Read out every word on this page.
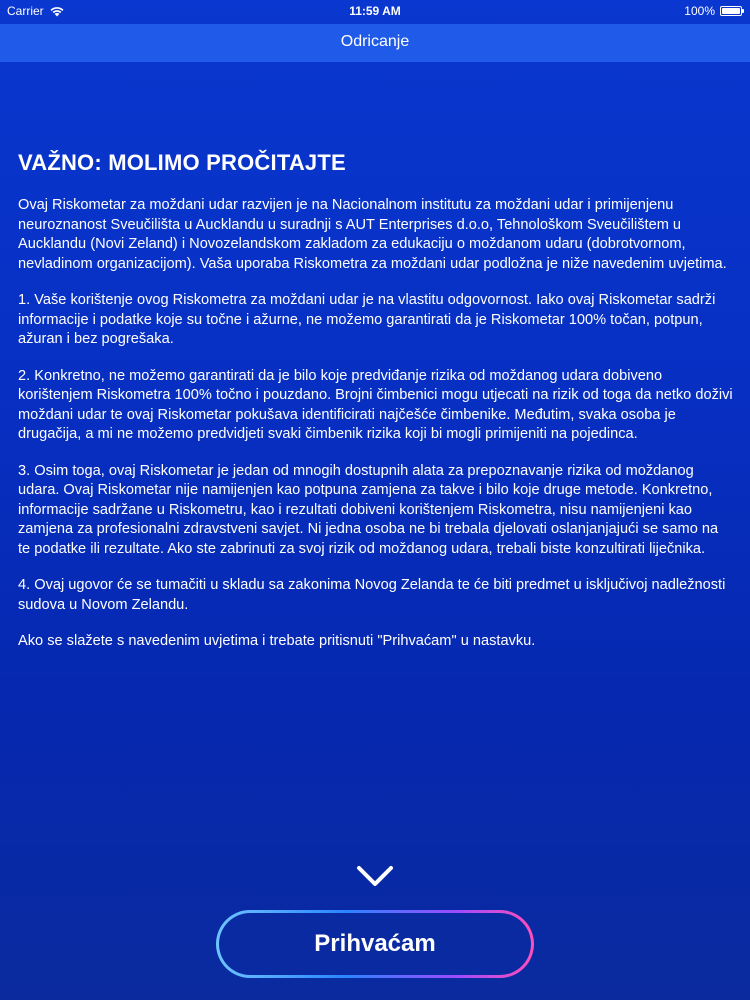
Carrier	11:59 AM	100%
Odricanje
VAŽNO: MOLIMO PROČITAJTE

Ovaj Riskometar za moždani udar razvijen je na Nacionalnom institutu za moždani udar i primijenjenu neuroznanost Sveučilišta u Aucklandu u suradnji s AUT Enterprises d.o.o, Tehnološkom Sveučilištem u Aucklandu (Novi Zeland) i Novozelandskom zakladom za edukaciju o moždanom udaru (dobrotvornom, nevladinom organizacijom). Vaša uporaba Riskometra za moždani udar podložna je niže navedenim uvjetima.

1. Vaše korištenje ovog Riskometra za moždani udar je na vlastitu odgovornost. Iako ovaj Riskometar sadrži informacije i podatke koje su točne i ažurne, ne možemo garantirati da je Riskometar 100% točan, potpun, ažuran i bez pogrešaka.

2. Konkretno, ne možemo garantirati da je bilo koje predviđanje rizika od moždanog udara dobiveno korištenjem Riskometra 100% točno i pouzdano. Brojni čimbenici mogu utjecati na rizik od toga da netko doživi moždani udar te ovaj Riskometar pokušava identificirati najčešće čimbenike. Međutim, svaka osoba je drugačija, a mi ne možemo predvidjeti svaki čimbenik rizika koji bi mogli primijeniti na pojedinca.

3. Osim toga, ovaj Riskometar je jedan od mnogih dostupnih alata za prepoznavanje rizika od moždanog udara. Ovaj Riskometar nije namijenjen kao potpuna zamjena za takve i bilo koje druge metode. Konkretno, informacije sadržane u Riskometru, kao i rezultati dobiveni korištenjem Riskometra, nisu namijenjeni kao zamjena za profesionalni zdravstveni savjet. Ni jedna osoba ne bi trebala djelovati oslanjanjajući se samo na te podatke ili rezultate. Ako ste zabrinuti za svoj rizik od moždanog udara, trebali biste konzultirati liječnika.

4. Ovaj ugovor će se tumačiti u skladu sa zakonima Novog Zelanda te će biti predmet u isključivoj nadležnosti sudova u Novom Zelandu.

Ako se slažete s navedenim uvjetima i trebate pritisnuti "Prihvaćam" u nastavku.

Prihvaćam
